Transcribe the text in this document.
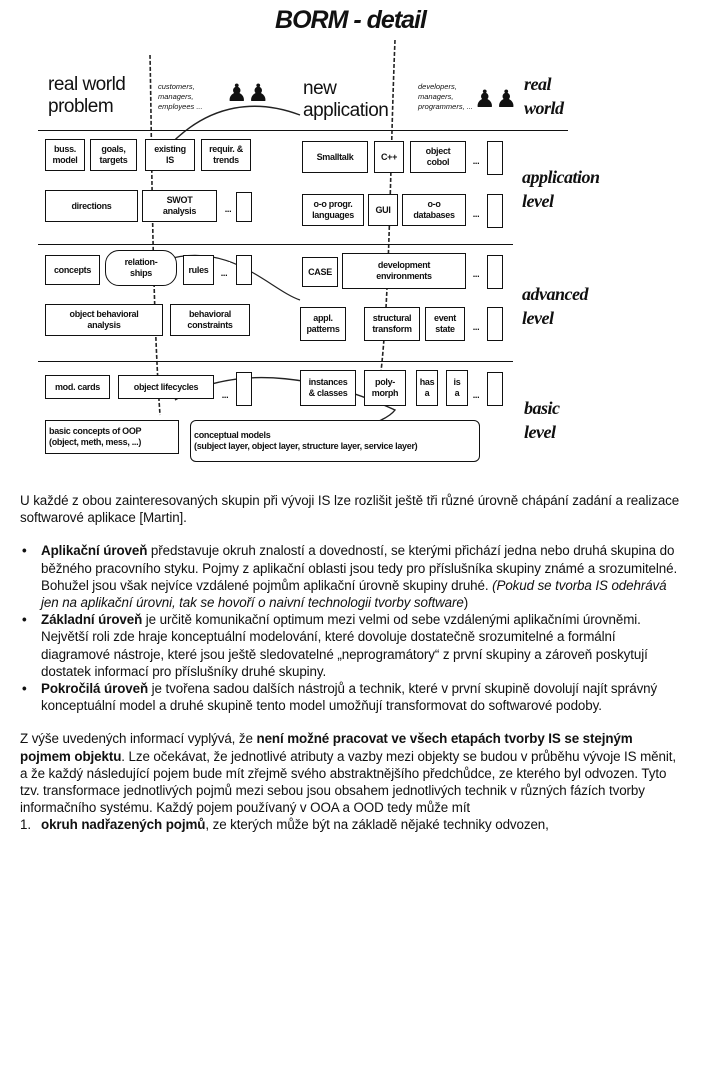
BORM - detail
real world
problem
customers,
managers,
employees ... ♟♟ new
application
developers,
managers,
programmers, ... ♟♟
real
world
application
level
advanced
level
basic
level
buss.
model
goals,
targets
existing
IS
requir. &
trends
directions
SWOT
analysis	...
Smalltalk	C++
object
cobol	...
o-o progr.
languages
GUI
o-o
databases	...
concepts
relation-
ships	rules	...
object behavioral
analysis
behavioral
constraints
CASE
development
environments	...
appl.
patterns
structural
transform
event
state	...
mod. cards	object lifecycles
...
basic concepts of OOP
(object, meth, mess, ...)
instances
& classes
poly-
morph
has
a
is
a	...
conceptual models
(subject layer, object layer, structure layer, service layer)

U každé z obou zainteresovaných skupin při vývoji IS lze rozlišit ještě tři různé úrovně chápání zadání a realizace softwarové aplikace [Martin].

• Aplikační úroveň představuje okruh znalostí a dovedností, se kterými přichází jedna nebo druhá skupina do běžného pracovního styku. Pojmy z aplikační oblasti jsou tedy pro příslušníka skupiny známé a srozumitelné. Bohužel jsou však nejvíce vzdálené pojmům aplikační úrovně skupiny druhé. (Pokud se tvorba IS odehrává jen na aplikační úrovni, tak se hovoří o naivní technologii tvorby software)
• Základní úroveň je určitě komunikační optimum mezi velmi od sebe vzdálenými aplikačními úrovněmi. Největší roli zde hraje konceptuální modelování, které dovoluje dostatečně srozumitelné a formální diagramové nástroje, které jsou ještě sledovatelné „neprogramátory“ z první skupiny a zároveň poskytují dostatek informací pro příslušníky druhé skupiny.
• Pokročilá úroveň je tvořena sadou dalších nástrojů a technik, které v první skupině dovolují najít správný konceptuální model a druhé skupině tento model umožňují transformovat do softwarové podoby.

Z výše uvedených informací vyplývá, že není možné pracovat ve všech etapách tvorby IS se stejným pojmem objektu. Lze očekávat, že jednotlivé atributy a vazby mezi objekty se budou v průběhu vývoje IS měnit, a že každý následující pojem bude mít zřejmě svého abstraktnějšího předchůdce, ze kterého byl odvozen. Tyto tzv. transformace jednotlivých pojmů mezi sebou jsou obsahem jednotlivých technik v různých fázích tvorby informačního systému. Každý pojem používaný v OOA a OOD tedy může mít

1. okruh nadřazených pojmů, ze kterých může být na základě nějaké techniky odvozen,
